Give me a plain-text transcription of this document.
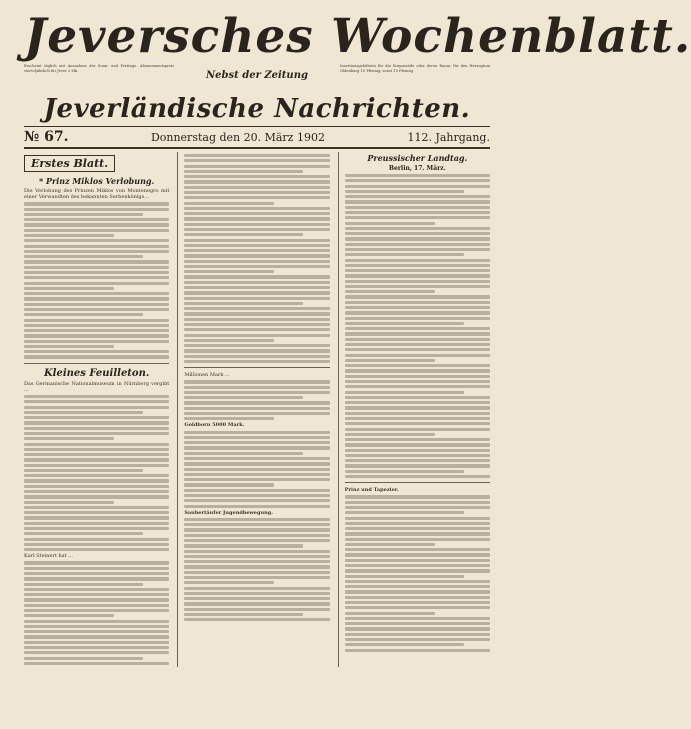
Jeversches Wochenblatt.
Erscheint täglich mit Ausnahme der Sonn- und Festtage. Abonnementspreis vierteljährlich für Jever 2 Mk.	Nebst der Zeitung
Insertionsgebühren für die Korpuszeile oder deren Raum: für den Herzogtum Oldenburg 10 Pfennig, sonst 15 Pfennig.
Jeverländische Nachrichten.
№ 67.	Donnerstag den 20. März 1902	112. Jahrgang.
Erstes Blatt.
* Prinz Miklos Verlobung.
Die Verlobung des Prinzen Miklos von Montenegro mit einer Verwandten des bekannten Serbenkönigs...
Kleines Feuilleton.
Das Germanische Nationalmuseum in Nürnberg vergibt ...
Karl Steinert hat ...
Millionen Mark ...
Goldborn 5000 Mark.
Saubertäufer Jugendbewegung.
Preussischer Landtag.
Berlin, 17. März.
Prinz und Tapezier.
